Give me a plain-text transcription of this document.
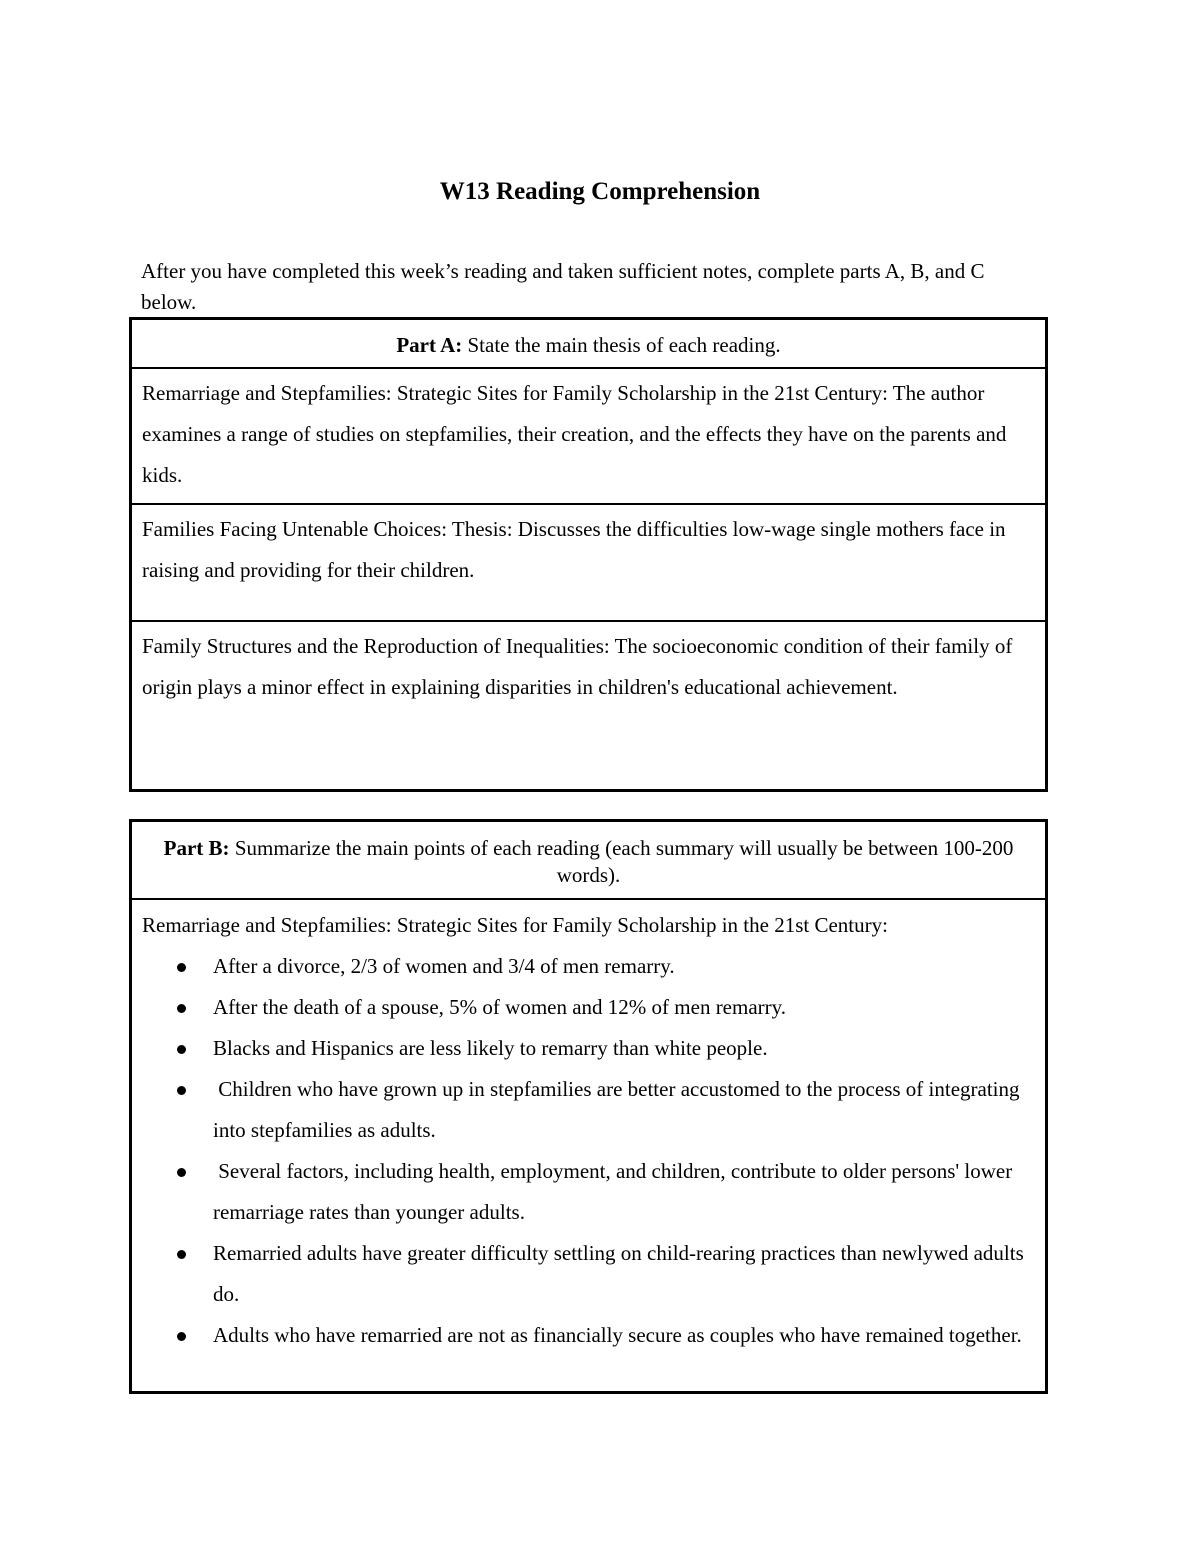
W13 Reading Comprehension
After you have completed this week’s reading and taken sufficient notes, complete parts A, B, and C below.
Part A: State the main thesis of each reading.
Remarriage and Stepfamilies: Strategic Sites for Family Scholarship in the 21st Century: The author examines a range of studies on stepfamilies, their creation, and the effects they have on the parents and kids.
Families Facing Untenable Choices: Thesis: Discusses the difficulties low-wage single mothers face in raising and providing for their children.
Family Structures and the Reproduction of Inequalities: The socioeconomic condition of their family of origin plays a minor effect in explaining disparities in children's educational achievement.
Part B: Summarize the main points of each reading (each summary will usually be between 100-200 words).
Remarriage and Stepfamilies: Strategic Sites for Family Scholarship in the 21st Century:
After a divorce, 2/3 of women and 3/4 of men remarry.
After the death of a spouse, 5% of women and 12% of men remarry.
Blacks and Hispanics are less likely to remarry than white people.
Children who have grown up in stepfamilies are better accustomed to the process of integrating into stepfamilies as adults.
Several factors, including health, employment, and children, contribute to older persons' lower remarriage rates than younger adults.
Remarried adults have greater difficulty settling on child-rearing practices than newlywed adults do.
Adults who have remarried are not as financially secure as couples who have remained together.
